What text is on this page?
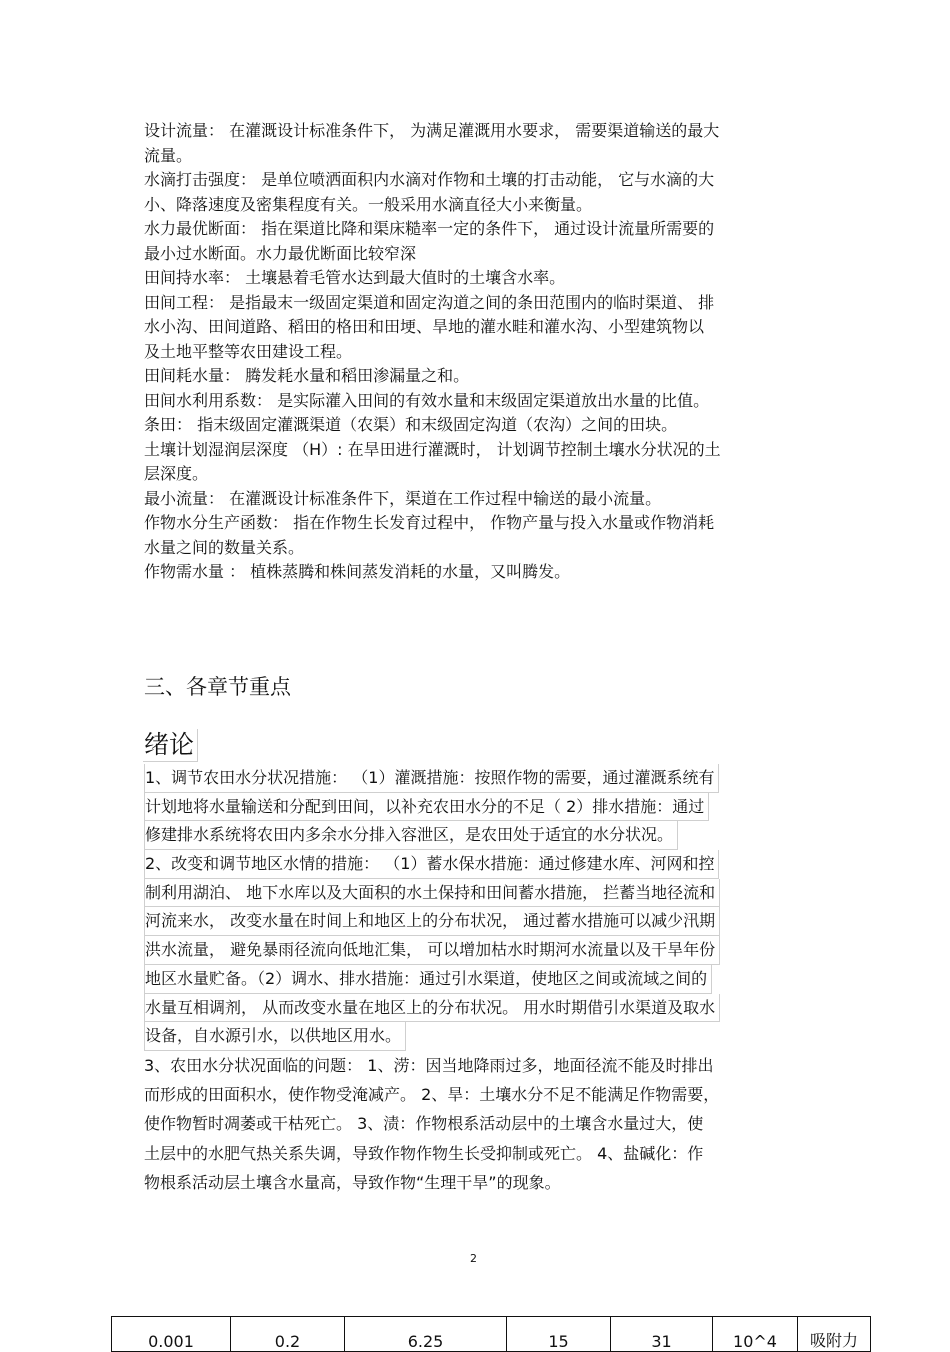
设计流量： 在灌溉设计标准条件下， 为满足灌溉用水要求， 需要渠道输送的最大

流量。

水滴打击强度： 是单位喷洒面积内水滴对作物和土壤的打击动能， 它与水滴的大

小、降落速度及密集程度有关。一般采用水滴直径大小来衡量。

水力最优断面： 指在渠道比降和渠床糙率一定的条件下， 通过设计流量所需要的

最小过水断面。水力最优断面比较窄深

田间持水率： 土壤悬着毛管水达到最大值时的土壤含水率。

田间工程： 是指最末一级固定渠道和固定沟道之间的条田范围内的临时渠道、 排

水小沟、田间道路、稻田的格田和田埂、旱地的灌水畦和灌水沟、小型建筑物以

及土地平整等农田建设工程。

田间耗水量： 腾发耗水量和稻田渗漏量之和。

田间水利用系数： 是实际灌入田间的有效水量和末级固定渠道放出水量的比值。

条田： 指末级固定灌溉渠道（农渠）和末级固定沟道（农沟）之间的田块。

土壤计划湿润层深度 （H）: 在旱田进行灌溉时， 计划调节控制土壤水分状况的土

层深度。

最小流量： 在灌溉设计标准条件下，渠道在工作过程中输送的最小流量。

作物水分生产函数： 指在作物生长发育过程中， 作物产量与投入水量或作物消耗

水量之间的数量关系。

作物需水量 ： 植株蒸腾和株间蒸发消耗的水量，又叫腾发。

三、各章节重点
绪论

1、调节农田水分状况措施： （1）灌溉措施：按照作物的需要，通过灌溉系统有

计划地将水量输送和分配到田间，以补充农田水分的不足（ 2）排水措施：通过

修建排水系统将农田内多余水分排入容泄区，是农田处于适宜的水分状况。

2、改变和调节地区水情的措施： （1）蓄水保水措施：通过修建水库、河网和控

制利用湖泊、 地下水库以及大面积的水土保持和田间蓄水措施， 拦蓄当地径流和

河流来水， 改变水量在时间上和地区上的分布状况， 通过蓄水措施可以减少汛期

洪水流量， 避免暴雨径流向低地汇集， 可以增加枯水时期河水流量以及干旱年份

地区水量贮备。（2）调水、排水措施：通过引水渠道，使地区之间或流域之间的

水量互相调剂， 从而改变水量在地区上的分布状况。 用水时期借引水渠道及取水

设备，自水源引水，以供地区用水。

3、农田水分状况面临的问题： 1、涝：因当地降雨过多，地面径流不能及时排出

而形成的田面积水，使作物受淹减产。 2、旱：土壤水分不足不能满足作物需要，

使作物暂时凋萎或干枯死亡。 3、渍：作物根系活动层中的土壤含水量过大，使

土层中的水肥气热关系失调，导致作物作物生长受抑制或死亡。 4、盐碱化：作

物根系活动层土壤含水量高，导致作物“生理干旱”的现象。

2
0.001	0.2	6.25	15	31	10^4	吸附力
